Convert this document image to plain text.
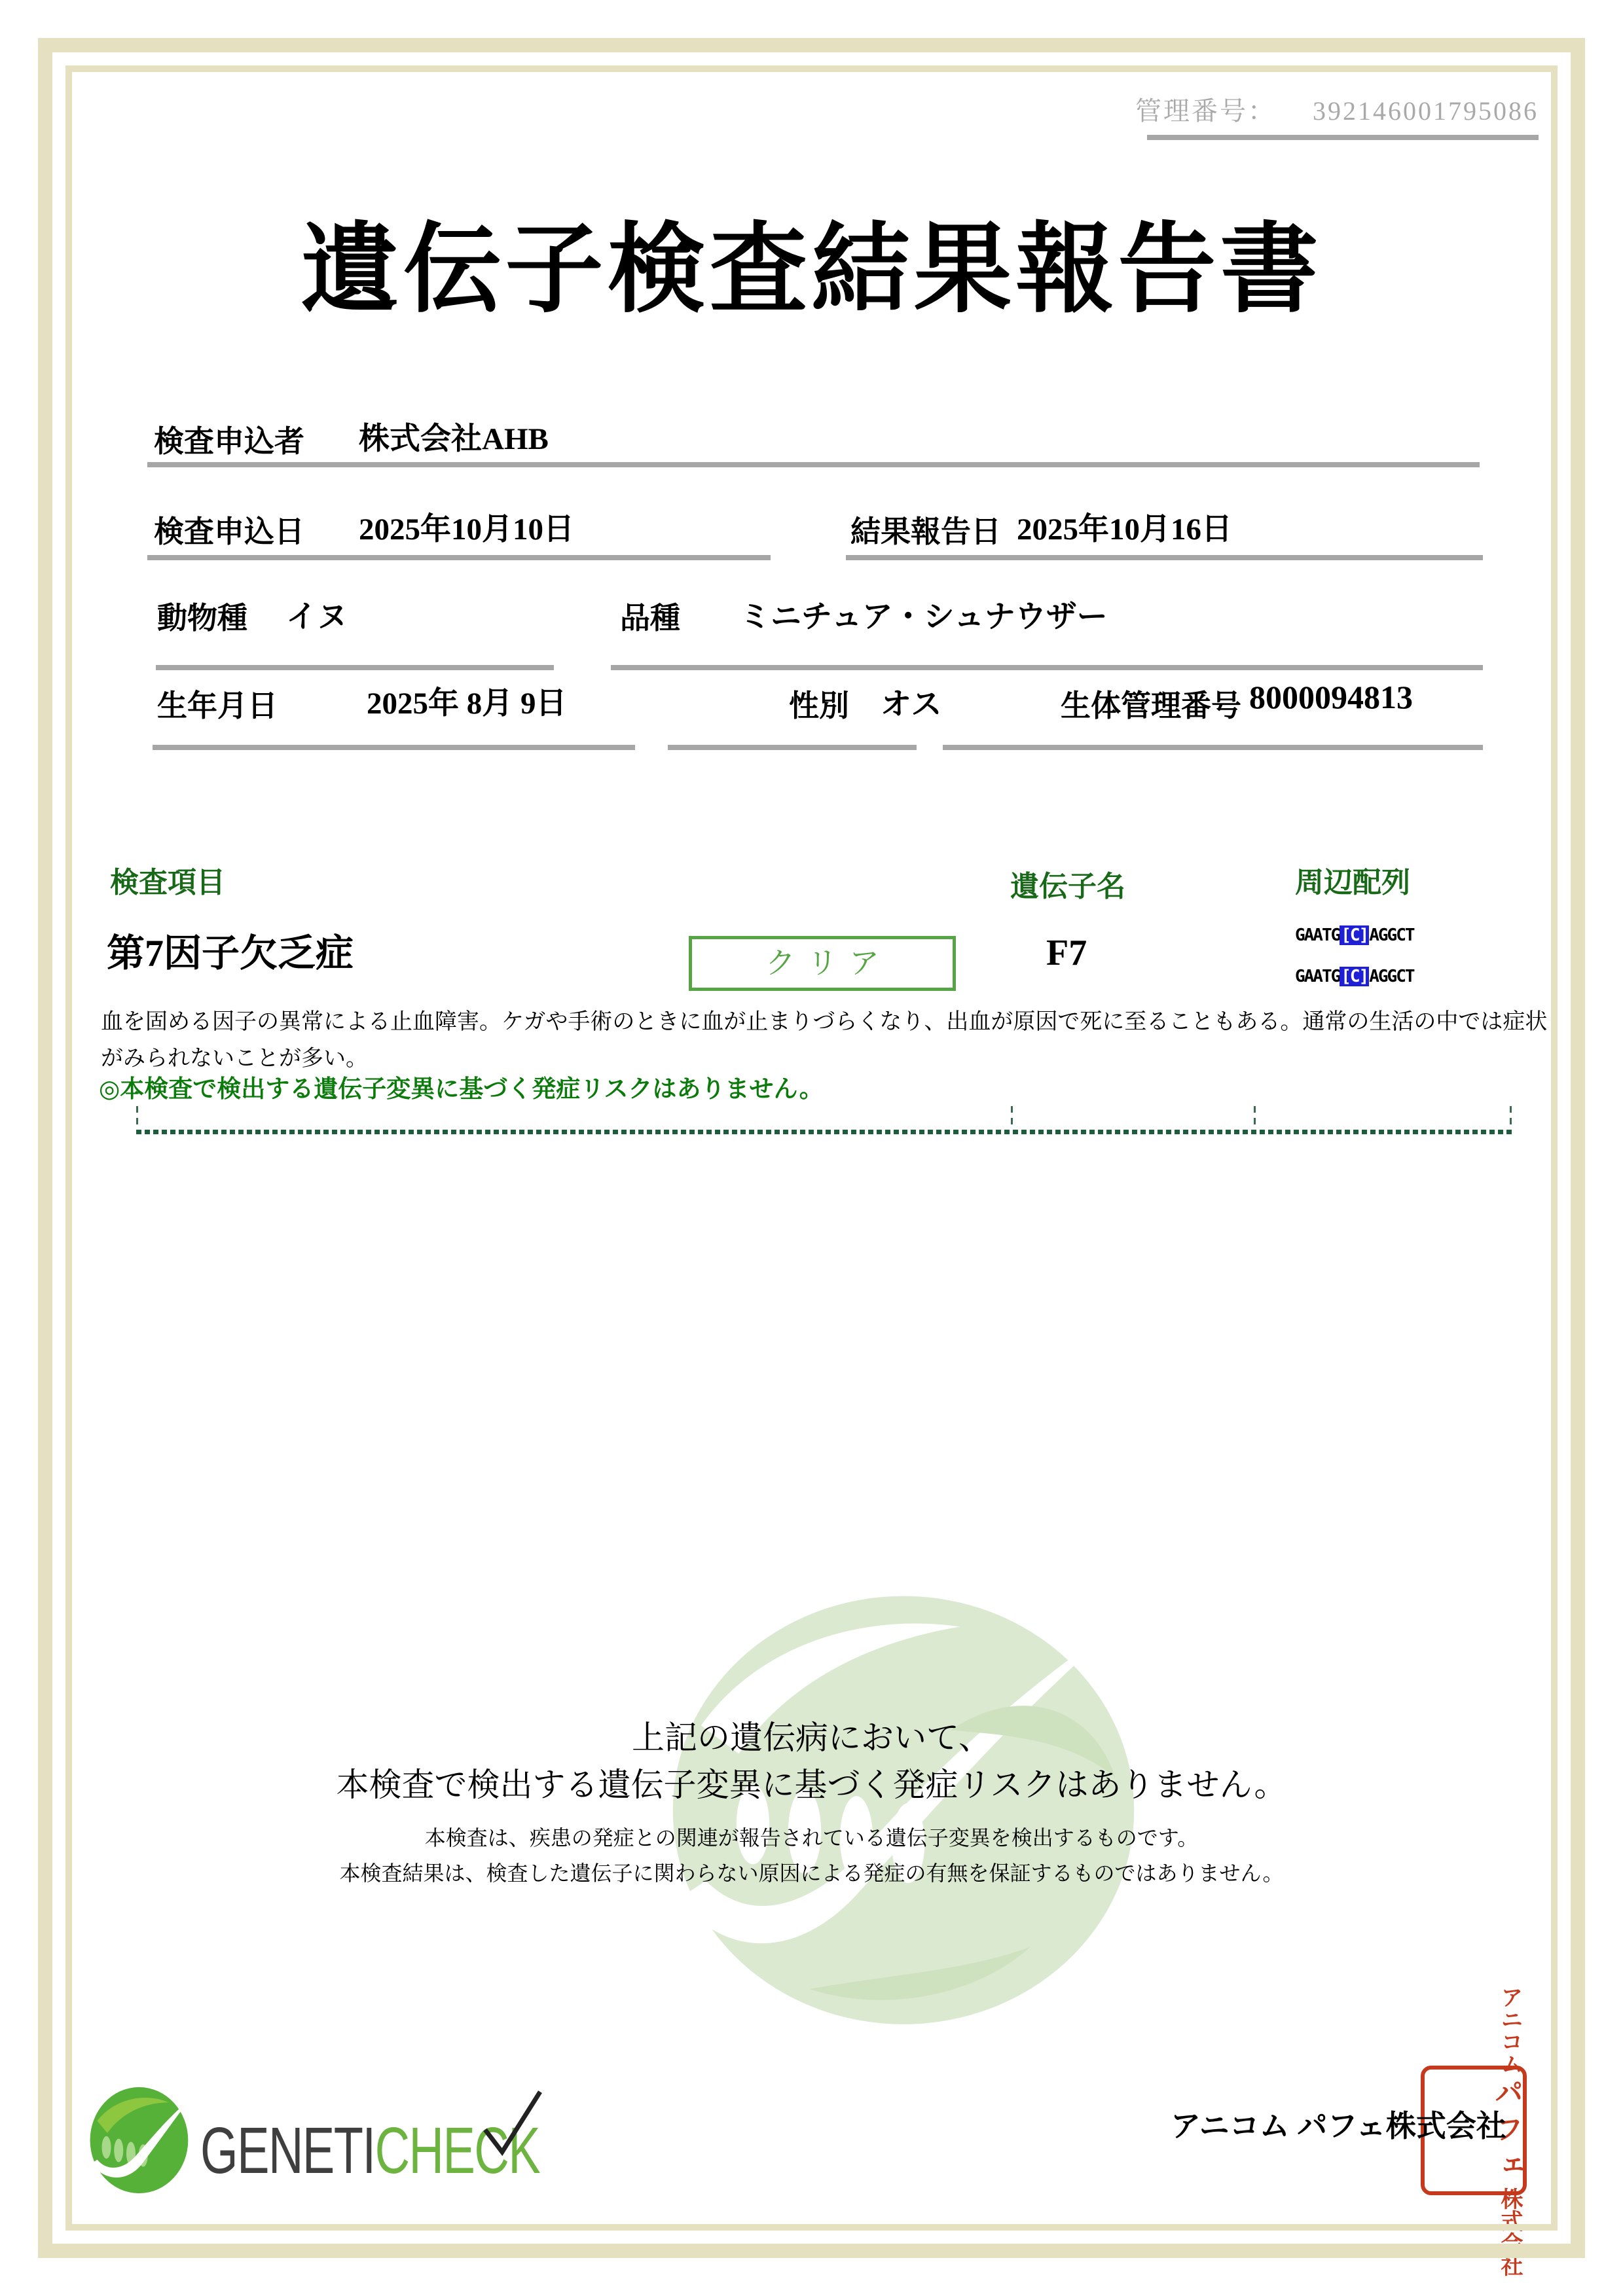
管理番号： 392146001795086
遺伝子検査結果報告書
検査申込者 株式会社AHB
検査申込日 2025年10月10日	結果報告日 2025年10月16日
動物種 イヌ	品種 ミニチュア・シュナウザー
生年月日	2025年 8月 9日	性別 オス	生体管理番号 8000094813
検査項目	遺伝子名	周辺配列
第7因子欠乏症	クリア	F7	GAATG[C]AGGCT
GAATG[C]AGGCT
血を固める因子の異常による止血障害。ケガや手術のときに血が止まりづらくなり、出血が原因で死に至ることもある。通常の生活の中では症状
がみられないことが多い。
◎本検査で検出する遺伝子変異に基づく発症リスクはありません。
上記の遺伝病において、
本検査で検出する遺伝子変異に基づく発症リスクはありません。
本検査は、疾患の発症との関連が報告されている遺伝子変異を検出するものです。
本検査結果は、検査した遺伝子に関わらない原因による発症の有無を保証するものではありません。
GENETICHECK	アニコム パフェ株式会社
アニコム
パフェ
株式会社
